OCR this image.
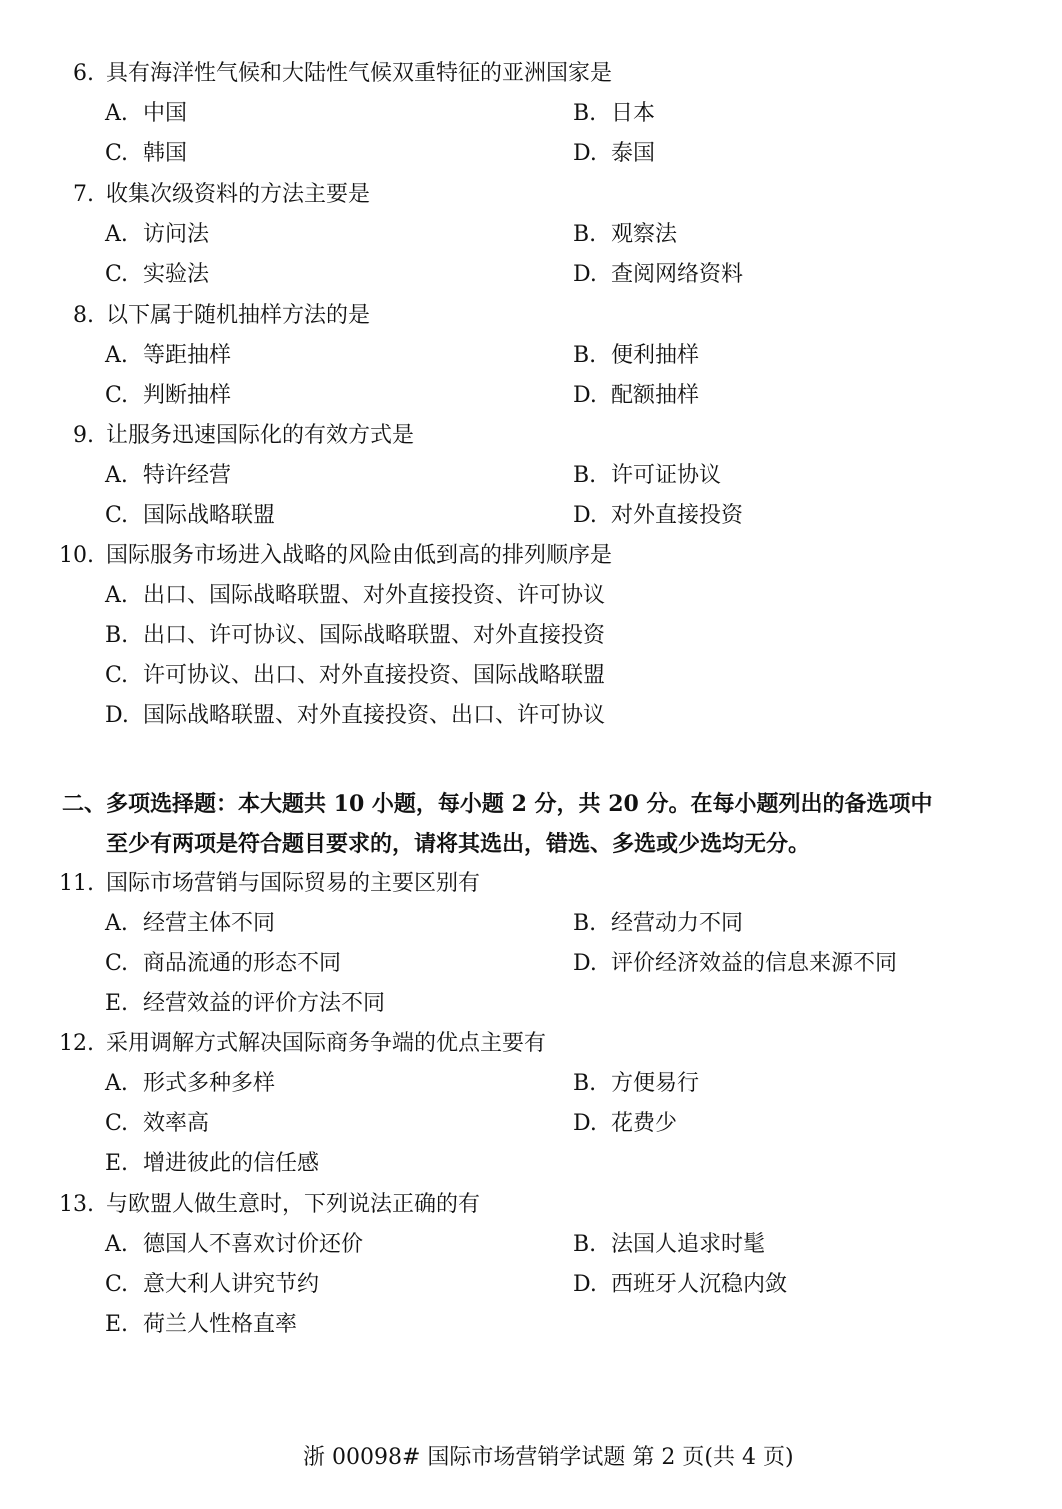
6. 具有海洋性气候和大陆性气候双重特征的亚洲国家是
A. 中国	B. 日本
C. 韩国	D. 泰国
7. 收集次级资料的方法主要是
A. 访问法	B. 观察法
C. 实验法	D. 查阅网络资料
8. 以下属于随机抽样方法的是
A. 等距抽样	B. 便利抽样
C. 判断抽样	D. 配额抽样
9. 让服务迅速国际化的有效方式是
A. 特许经营	B. 许可证协议
C. 国际战略联盟	D. 对外直接投资
10. 国际服务市场进入战略的风险由低到高的排列顺序是
A. 出口、国际战略联盟、对外直接投资、许可协议
B. 出口、许可协议、国际战略联盟、对外直接投资
C. 许可协议、出口、对外直接投资、国际战略联盟
D. 国际战略联盟、对外直接投资、出口、许可协议
二、多项选择题：本大题共 10 小题，每小题 2 分，共 20 分。在每小题列出的备选项中
至少有两项是符合题目要求的，请将其选出，错选、多选或少选均无分。
11. 国际市场营销与国际贸易的主要区别有
A. 经营主体不同	B. 经营动力不同
C. 商品流通的形态不同	D. 评价经济效益的信息来源不同
E. 经营效益的评价方法不同
12. 采用调解方式解决国际商务争端的优点主要有
A. 形式多种多样	B. 方便易行
C. 效率高	D. 花费少
E. 增进彼此的信任感
13. 与欧盟人做生意时，下列说法正确的有
A. 德国人不喜欢讨价还价	B. 法国人追求时髦
C. 意大利人讲究节约	D. 西班牙人沉稳内敛
E. 荷兰人性格直率
浙 00098# 国际市场营销学试题 第 2 页(共 4 页)
